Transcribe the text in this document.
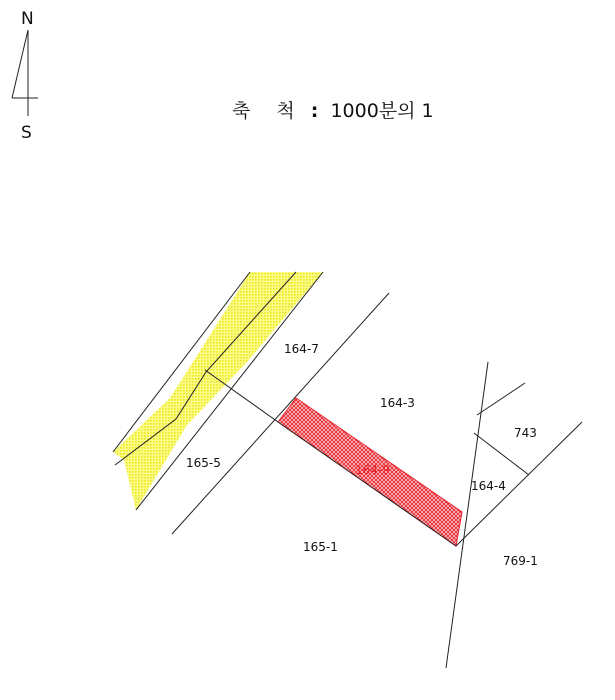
N
S
164-7
164-3
743
165-5	164-9
164-4
165-1
769-1
축 척 : 1000분의 1
